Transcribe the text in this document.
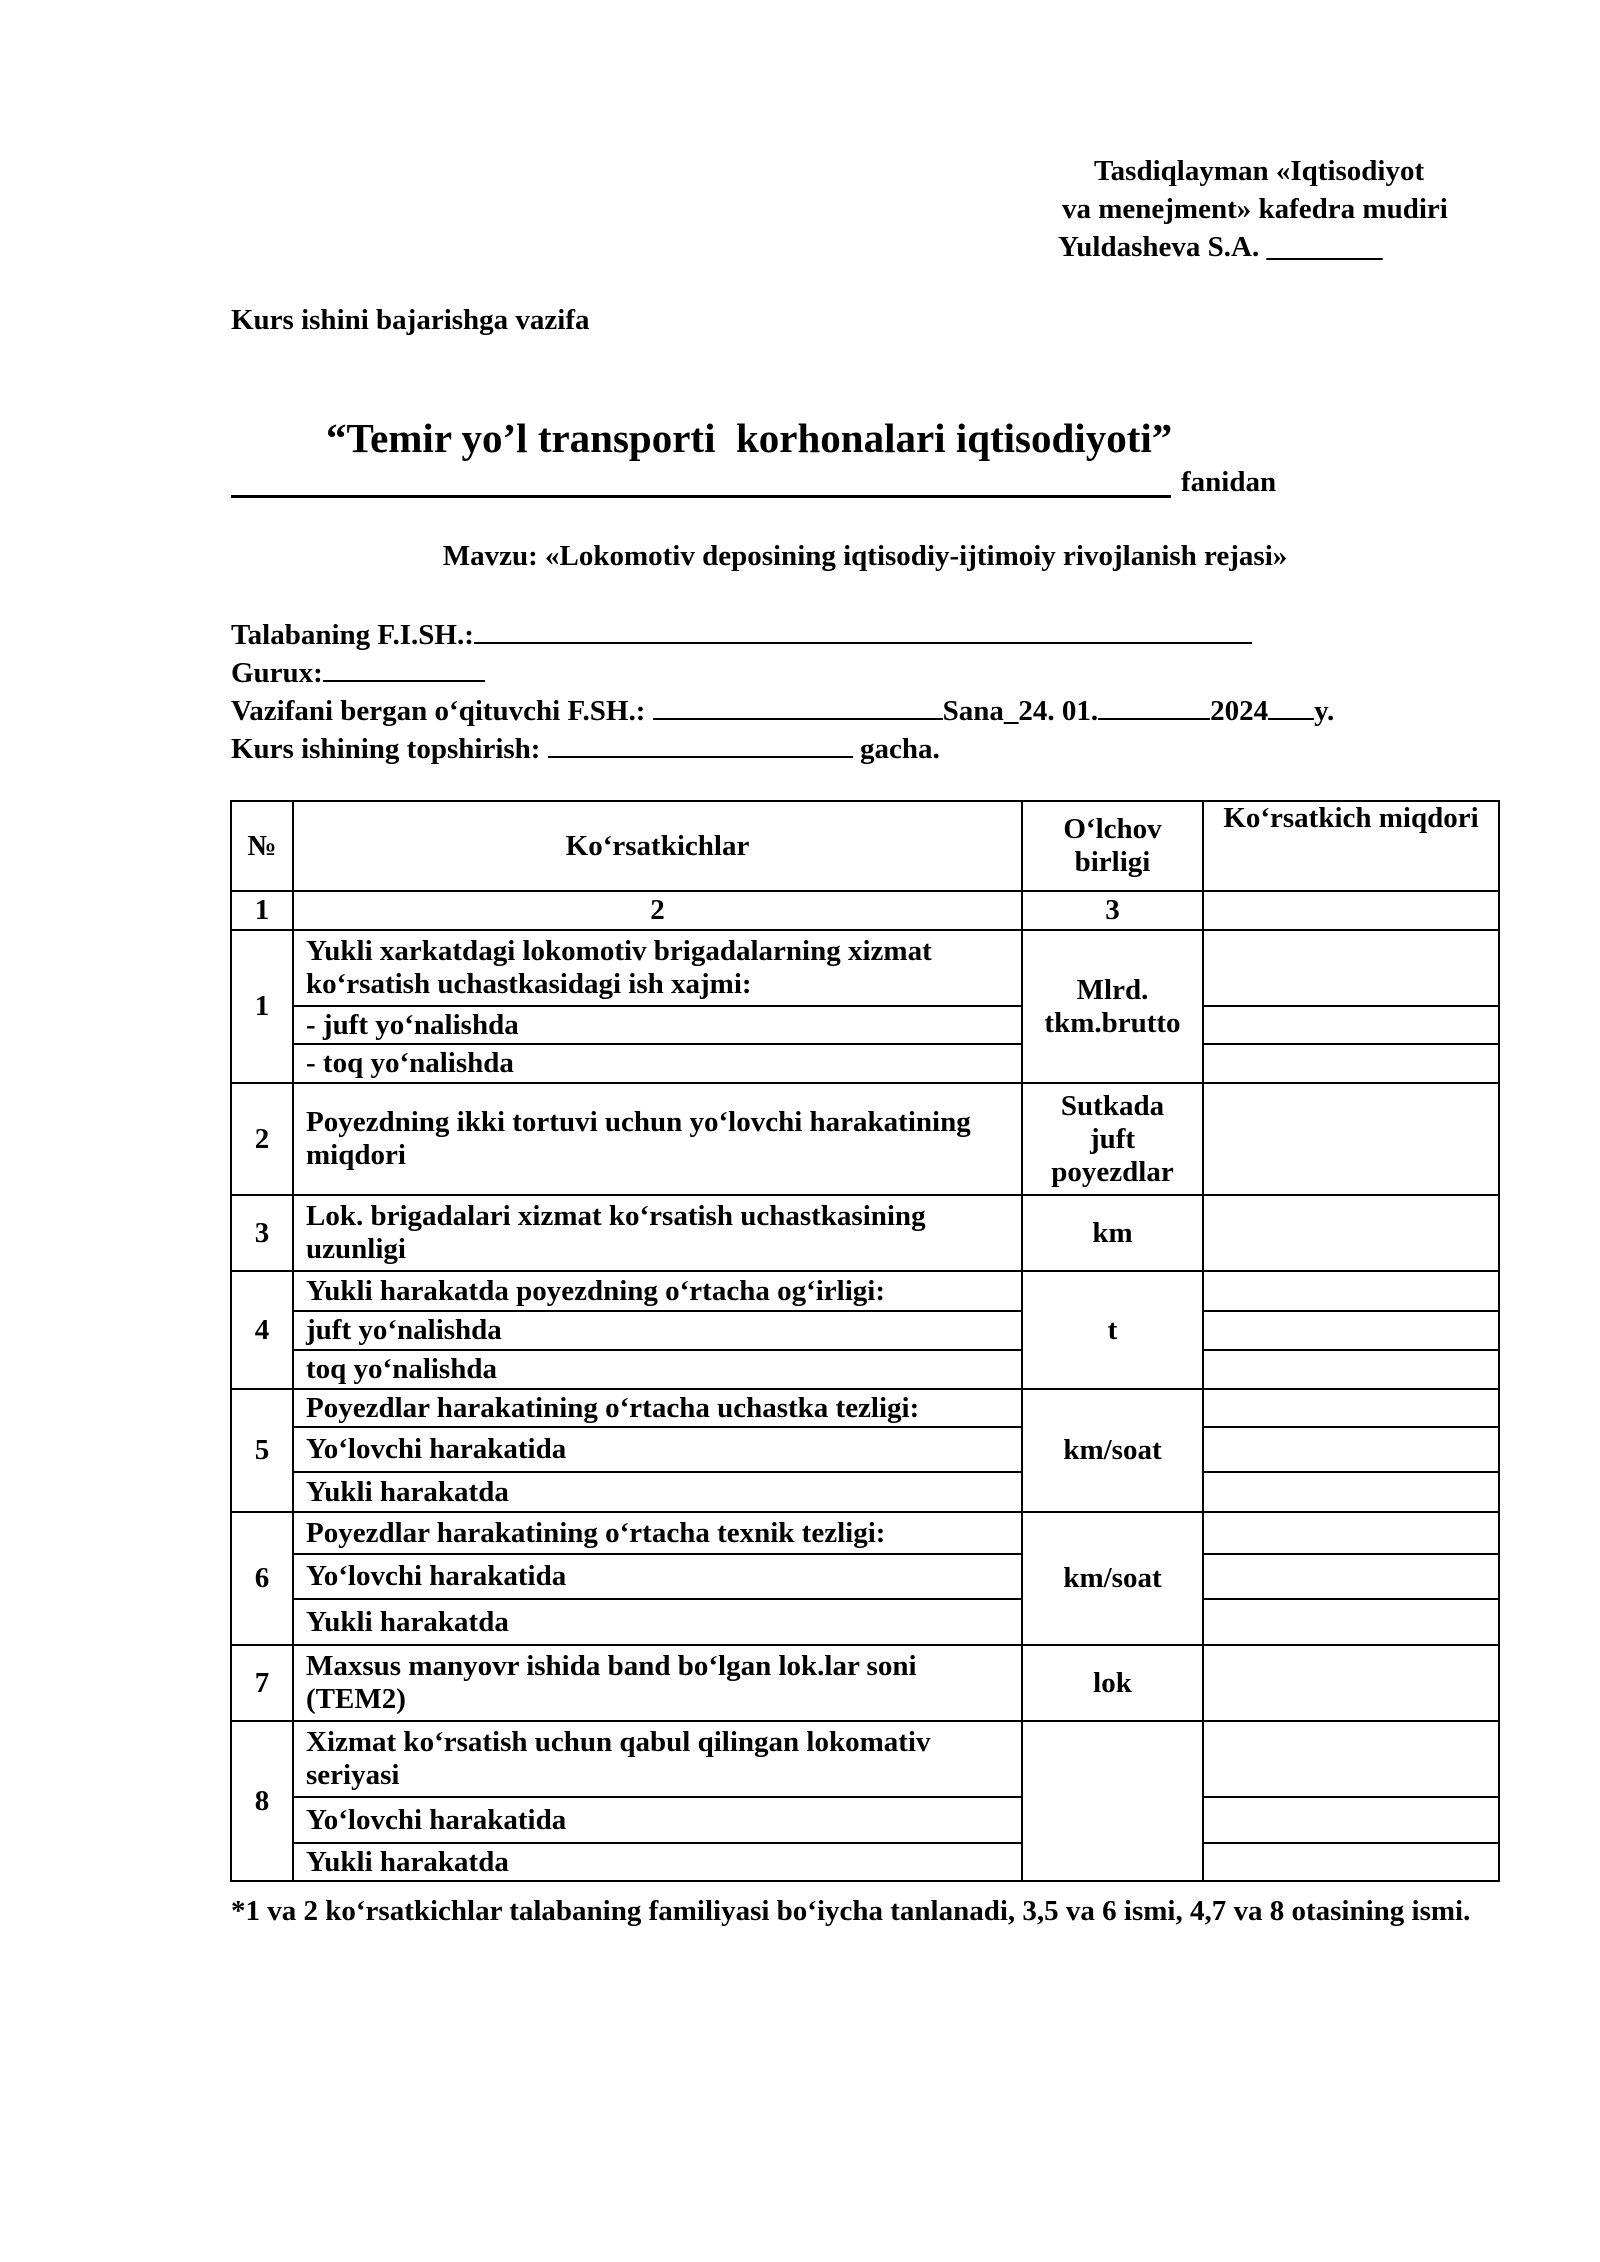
Tasdiqlayman «Iqtisodiyot
va menejment» kafedra mudiri
Yuldasheva S.A. ________
Kurs ishini bajarishga vazifa
“Temir yo’l transporti  korhonalari iqtisodiyoti”
fanidan
Mavzu: «Lokomotiv deposining iqtisodiy-ijtimoiy rivojlanish rejasi»
Talabaning F.I.SH.:
Gurux:
Vazifani bergan o‘qituvchi F.SH.:	Sana_24. 01.	2024 y.
Kurs ishining topshirish:	gacha.
№	Ko‘rsatkichlar	O‘lchov birligi	Ko‘rsatkich miqdori
1	2	3	
1	Yukli xarkatdagi lokomotiv brigadalarning xizmat ko‘rsatish uchastkasidagi ish xajmi:	Mlrd. tkm.brutto	
	- juft yo‘nalishda		
	- toq yo‘nalishda		
2	Poyezdning ikki tortuvi uchun yo‘lovchi harakatining miqdori	Sutkada juft poyezdlar	
3	Lok. brigadalari xizmat ko‘rsatish uchastkasining uzunligi	km	
4	Yukli harakatda poyezdning o‘rtacha og‘irligi:	t	
	juft yo‘nalishda		
	toq yo‘nalishda		
5	Poyezdlar harakatining o‘rtacha uchastka tezligi:	km/soat	
	Yo‘lovchi harakatida		
	Yukli harakatda		
6	Poyezdlar harakatining o‘rtacha texnik tezligi:	km/soat	
	Yo‘lovchi harakatida		
	Yukli harakatda		
7	Maxsus manyovr ishida band bo‘lgan lok.lar soni (TEM2)	lok	
8	Xizmat ko‘rsatish uchun qabul qilingan lokomativ seriyasi		
	Yo‘lovchi harakatida		
	Yukli harakatda		
*1 va 2 ko‘rsatkichlar talabaning familiyasi bo‘iycha tanlanadi, 3,5 va 6 ismi, 4,7 va 8 otasining ismi.
